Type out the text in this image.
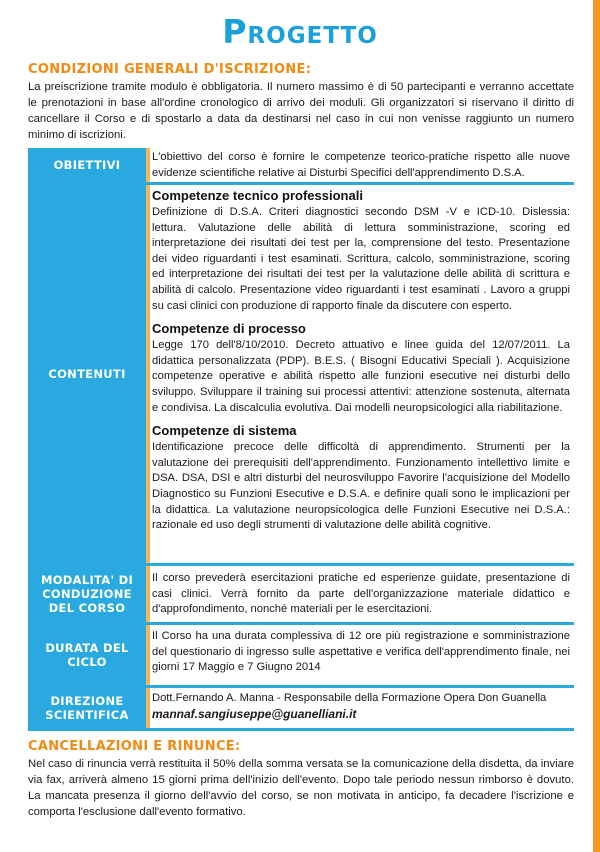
Progetto
CONDIZIONI GENERALI D'ISCRIZIONE:
La preiscrizione tramite modulo è obbligatoria. Il numero massimo è di 50 partecipanti e verranno accettate le prenotazioni in base all'ordine cronologico di arrivo dei moduli. Gli organizzatori si riservano il diritto di cancellare il Corso e di spostarlo a data da destinarsi nel caso in cui non venisse raggiunto un numero minimo di iscrizioni.
OBIETTIVI
L'obiettivo del corso è fornire le competenze teorico-pratiche rispetto alle nuove evidenze scientifiche relative ai Disturbi Specifici dell'apprendimento D.S.A.
CONTENUTI
Competenze tecnico professionali

Definizione di D.S.A. Criteri diagnostici secondo DSM -V e ICD-10. Dislessia: lettura. Valutazione delle abilità di lettura somministrazione, scoring ed interpretazione dei risultati dei test per la, comprensione del testo. Presentazione dei video riguardanti i test esaminati. Scrittura, calcolo, somministrazione, scoring ed interpretazione dei risultati dei test per la valutazione delle abilità di scrittura e abilità di calcolo. Presentazione video riguardanti i test esaminati . Lavoro a gruppi su casi clinici con produzione di rapporto finale da discutere con esperto.

Competenze di processo

Legge 170 dell'8/10/2010. Decreto attuativo e linee guida del 12/07/2011. La didattica personalizzata (PDP). B.E.S. ( Bisogni Educativi Speciali ). Acquisizione competenze operative e abilità rispetto alle funzioni esecutive nei disturbi dello sviluppo. Sviluppare il training sui processi attentivi: attenzione sostenuta, alternata e condivisa. La discalculia evolutiva. Dai modelli neuropsicologici alla riabilitazione.

Competenze di sistema

Identificazione precoce delle difficoltà di apprendimento. Strumenti per la valutazione dei prerequisiti dell'apprendimento. Funzionamento intellettivo limite e DSA. DSA, DSI e altri disturbi del neurosviluppo Favorire l'acquisizione del Modello Diagnostico su Funzioni Esecutive e D.S.A. e definire quali sono le implicazioni per la didattica. La valutazione neuropsicologica delle Funzioni Esecutive nei D.S.A.: razionale ed uso degli strumenti di valutazione delle abilità cognitive.

MODALITA' DI
CONDUZIONE
DEL CORSO
Il corso prevederà esercitazioni pratiche ed esperienze guidate, presentazione di casi clinici. Verrà fornito da parte dell'organizzazione materiale didattico e d'approfondimento, nonché materiali per le esercitazioni.
DURATA DEL
CICLO
Il Corso ha una durata complessiva di 12 ore più registrazione e somministrazione del questionario di ingresso sulle aspettative e verifica dell'apprendimento finale, nei giorni 17 Maggio e 7 Giugno 2014
DIREZIONE
SCIENTIFICA
Dott.Fernando A. Manna - Responsabile della Formazione Opera Don Guanella
mannaf.sangiuseppe@guanelliani.it
CANCELLAZIONI E RINUNCE:
Nel caso di rinuncia verrà restituita il 50% della somma versata se la comunicazione della disdetta, da inviare via fax, arriverà almeno 15 giorni prima dell'inizio dell'evento. Dopo tale periodo nessun rimborso è dovuto. La mancata presenza il giorno dell'avvio del corso, se non motivata in anticipo, fa decadere l'iscrizione e comporta l'esclusione dall'evento formativo.
